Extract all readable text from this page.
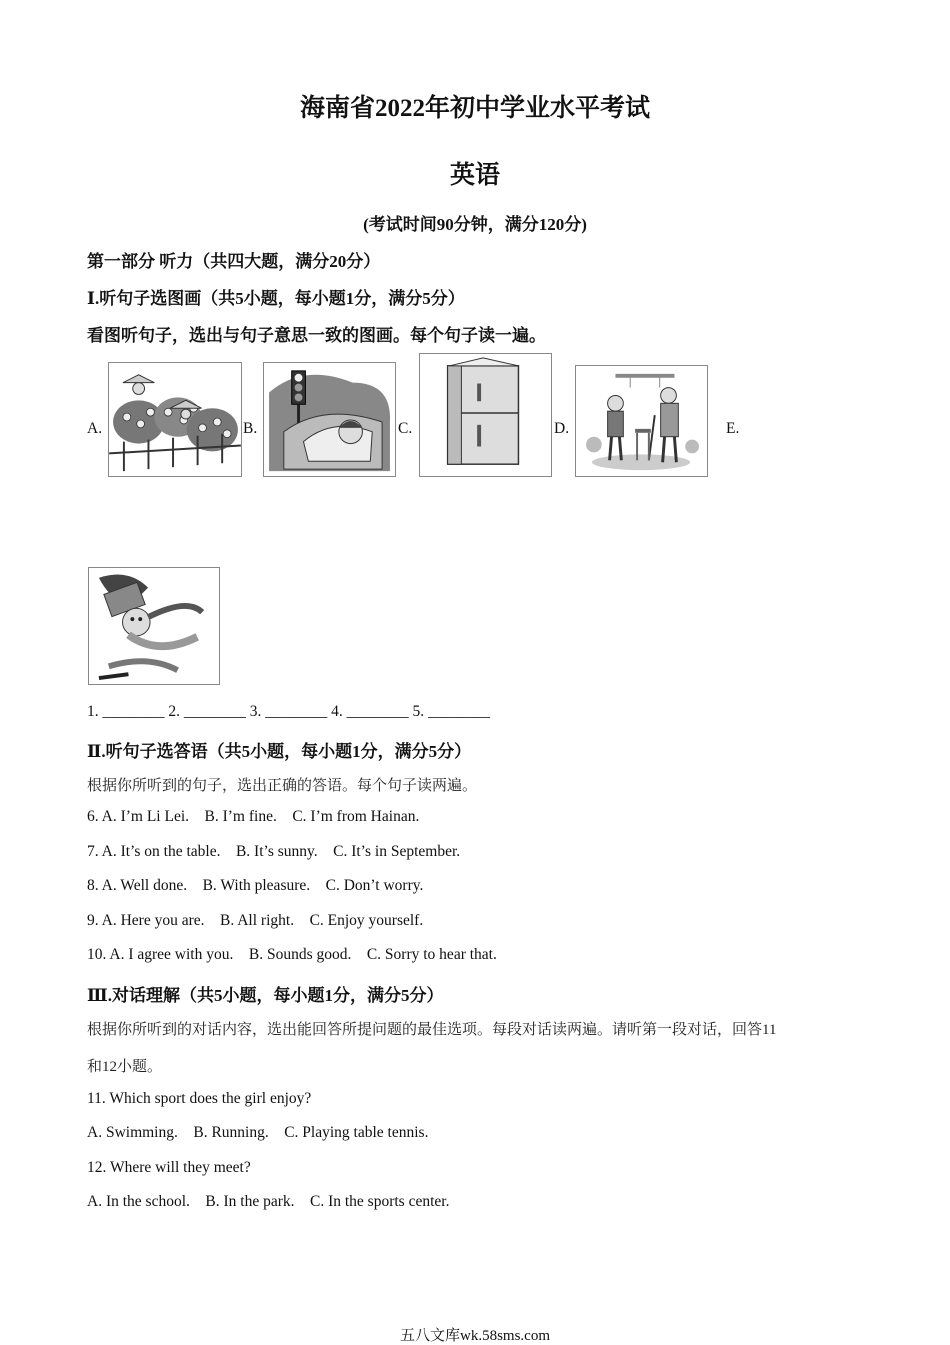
海南省2022年初中学业水平考试
英语
(考试时间90分钟，满分120分)
第一部分 听力（共四大题，满分20分）
Ⅰ.听句子选图画（共5小题，每小题1分，满分5分）
看图听句子，选出与句子意思一致的图画。每个句子读一遍。
A.	B.	C.	D.	E.
1. ________ 2. ________ 3. ________ 4. ________ 5. ________
Ⅱ.听句子选答语（共5小题，每小题1分，满分5分）
根据你所听到的句子，选出正确的答语。每个句子读两遍。
6. A. I’m Li Lei.    B. I’m fine.    C. I’m from Hainan.
7. A. It’s on the table.    B. It’s sunny.    C. It’s in September.
8. A. Well done.    B. With pleasure.    C. Don’t worry.
9. A. Here you are.    B. All right.    C. Enjoy yourself.
10. A. I agree with you.    B. Sounds good.    C. Sorry to hear that.
Ⅲ.对话理解（共5小题，每小题1分，满分5分）
根据你所听到的对话内容，选出能回答所提问题的最佳选项。每段对话读两遍。请听第一段对话，回答11
和12小题。
11. Which sport does the girl enjoy?
A. Swimming.    B. Running.    C. Playing table tennis.
12. Where will they meet?
A. In the school.    B. In the park.    C. In the sports center.
五八文库wk.58sms.com
